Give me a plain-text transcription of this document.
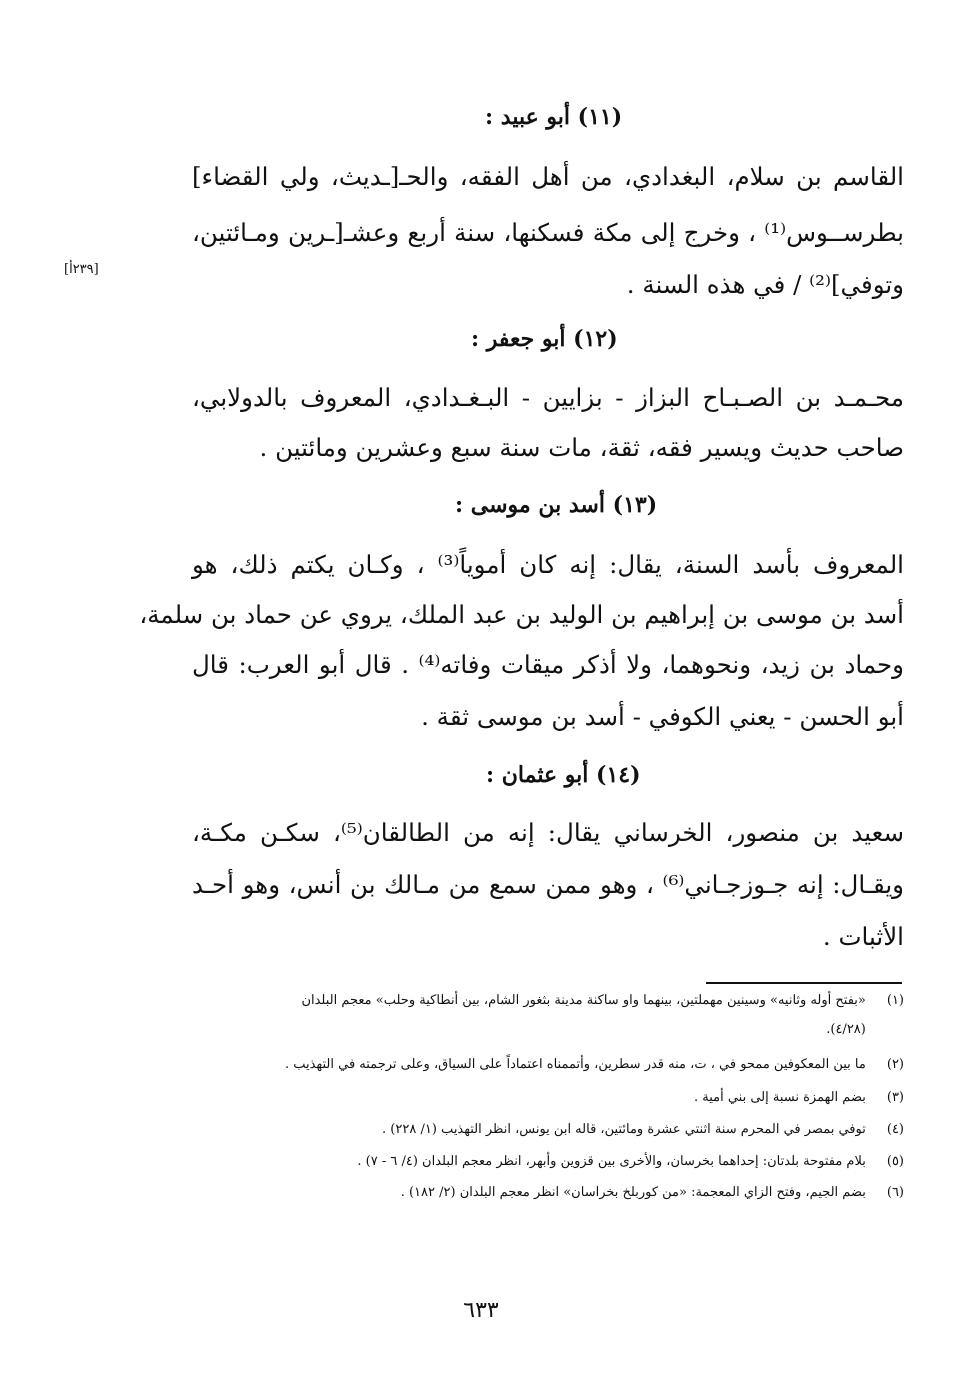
[٢٣٩أ]
(١١) أبو عبيد :
القاسم بن سلام، البغدادي، من أهل الفقه، والحـ[ـديث، ولي القضاء]
بطرســوس⁽¹⁾ ، وخرج إلى مكة فسكنها، سنة أربع وعشـ[ـرين ومـائتين،
وتوفي]⁽²⁾ / في هذه السنة .
(١٢) أبو جعفر :
محـمـد بن الصـبـاح البزاز - بزايين - البـغـدادي، المعروف بالدولابي،
صاحب حديث ويسير فقه، ثقة، مات سنة سبع وعشرين ومائتين .
(١٣) أسد بن موسى :
المعروف بأسد السنة، يقال: إنه كان أموياً⁽³⁾ ، وكـان يكتم ذلك، هو
أسد بن موسى بن إبراهيم بن الوليد بن عبد الملك، يروي عن حماد بن سلمة،
وحماد بن زيد، ونحوهما، ولا أذكر ميقات وفاته⁽⁴⁾ . قال أبو العرب: قال
أبو الحسن - يعني الكوفي - أسد بن موسى ثقة .
(١٤) أبو عثمان :
سعيد بن منصور، الخرساني يقال: إنه من الطالقان⁽⁵⁾، سكـن مكـة،
ويقـال: إنه جـوزجـاني⁽⁶⁾ ، وهو ممن سمع من مـالك بن أنس، وهو أحـد
الأثبات .
(١) «بفتح أوله وثانيه» وسينين مهملتين، بينهما واو ساكنة مدينة بثغور الشام، بين أنطاكية وحلب» معجم البلدان
(٤/٢٨).
(٢) ما بين المعكوفين ممحو في ، ت، منه قدر سطرين، وأتممناه اعتماداً على السياق، وعلى ترجمته في التهذيب .
(٣) بضم الهمزة نسبة إلى بني أمية .
(٤) توفي بمصر في المحرم سنة اثنتي عشرة ومائتين، قاله ابن يونس، انظر التهذيب (١/ ٢٢٨) .
(٥) بلام مفتوحة بلدتان: إحداهما بخرسان، والأخرى بين قزوين وأبهر، انظر معجم البلدان (٤/ ٦ - ٧) .
(٦) بضم الجيم، وفتح الزاي المعجمة: «من كوربلخ بخراسان» انظر معجم البلدان (٢/ ١٨٢) .
٦٣٣
